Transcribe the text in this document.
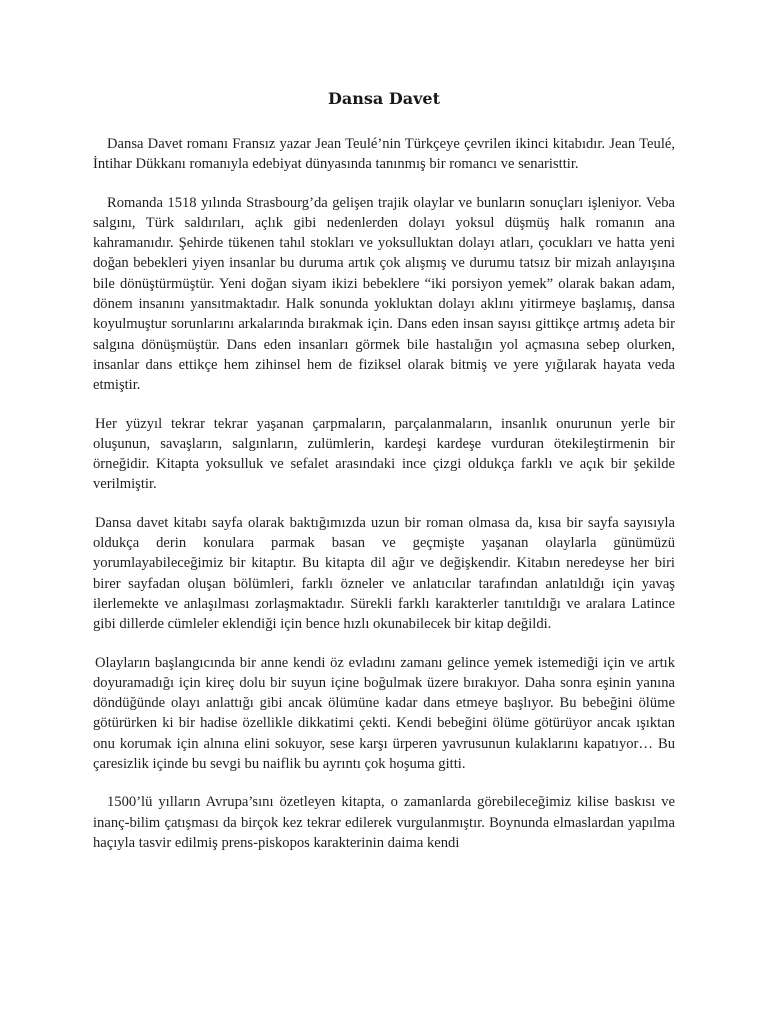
Dansa Davet

Dansa Davet romanı Fransız yazar Jean Teulé’nin Türkçeye çevrilen ikinci kitabıdır. Jean Teulé, İntihar Dükkanı romanıyla edebiyat dünyasında tanınmış bir romancı ve senaristtir.

Romanda 1518 yılında Strasbourg’da gelişen trajik olaylar ve bunların sonuçları işleniyor. Veba salgını, Türk saldırıları, açlık gibi nedenlerden dolayı yoksul düşmüş halk romanın ana kahramanıdır. Şehirde tükenen tahıl stokları ve yoksulluktan dolayı atları, çocukları ve hatta yeni doğan bebekleri yiyen insanlar bu duruma artık çok alışmış ve durumu tatsız bir mizah anlayışına bile dönüştürmüştür. Yeni doğan siyam ikizi bebeklere “iki porsiyon yemek” olarak bakan adam, dönem insanını yansıtmaktadır. Halk sonunda yokluktan dolayı aklını yitirmeye başlamış, dansa koyulmuştur sorunlarını arkalarında bırakmak için. Dans eden insan sayısı gittikçe artmış adeta bir salgına dönüşmüştür. Dans eden insanları görmek bile hastalığın yol açmasına sebep olurken, insanlar dans ettikçe hem zihinsel hem de fiziksel olarak bitmiş ve yere yığılarak hayata veda etmiştir.

Her yüzyıl tekrar tekrar yaşanan çarpmaların, parçalanmaların, insanlık onurunun yerle bir oluşunun, savaşların, salgınların, zulümlerin, kardeşi kardeşe vurduran ötekileştirmenin bir örneğidir. Kitapta yoksulluk ve sefalet arasındaki ince çizgi oldukça farklı ve açık bir şekilde verilmiştir.

Dansa davet kitabı sayfa olarak baktığımızda uzun bir roman olmasa da, kısa bir sayfa sayısıyla oldukça derin konulara parmak basan ve geçmişte yaşanan olaylarla günümüzü yorumlayabileceğimiz bir kitaptır. Bu kitapta dil ağır ve değişkendir. Kitabın neredeyse her biri birer sayfadan oluşan bölümleri, farklı özneler ve anlatıcılar tarafından anlatıldığı için yavaş ilerlemekte ve anlaşılması zorlaşmaktadır. Sürekli farklı karakterler tanıtıldığı ve aralara Latince gibi dillerde cümleler eklendiği için bence hızlı okunabilecek bir kitap değildi.

Olayların başlangıcında bir anne kendi öz evladını zamanı gelince yemek istemediği için ve artık doyuramadığı için kireç dolu bir suyun içine boğulmak üzere bırakıyor. Daha sonra eşinin yanına döndüğünde olayı anlattığı gibi ancak ölümüne kadar dans etmeye başlıyor. Bu bebeğini ölüme götürürken ki bir hadise özellikle dikkatimi çekti. Kendi bebeğini ölüme götürüyor ancak ışıktan onu korumak için alnına elini sokuyor, sese karşı ürperen yavrusunun kulaklarını kapatıyor… Bu çaresizlik içinde bu sevgi bu naiflik bu ayrıntı çok hoşuma gitti.

1500’lü yılların Avrupa’sını özetleyen kitapta, o zamanlarda görebileceğimiz kilise baskısı ve inanç-bilim çatışması da birçok kez tekrar edilerek vurgulanmıştır. Boynunda elmaslardan yapılma haçıyla tasvir edilmiş prens-piskopos karakterinin daima kendi
